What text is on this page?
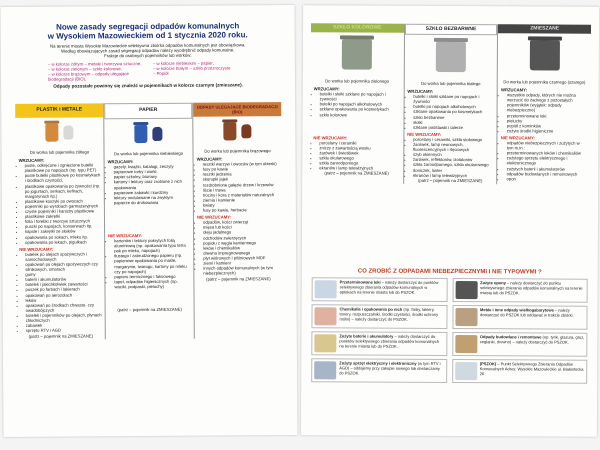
Nowe zasady segregacji odpadów komunalnych
w Wysokiem Mazowieckiem od 1 stycznia 2020 roku.
Na terenie miasta Wysokie Mazowieckie selektywna zbiórka odpadów komunalnych jest obowiązkowa.
Według obowiązujących zasad segregacji odpadów należy wyodrębnić odpady komunalne.
Frakcje do osobnych pojemników lub worków:
– w kolorze żółtym – metale i tworzywa sztuczne,	– w kolorze niebieskim – papier,
– w kolorze zielonym – szkło kolorowe,	– w kolorze białym – szkło przezroczyste
– w kolorze brązowym – odpady ulegające biodegradacji (BIO),
– Popiół
Odpady pozostałe powinny się znaleźć w pojemnikach w kolorze czarnym (zmieszane).
PLASTIK i METALE
Do worka lub pojemnika żółtego
WRZUCAMY:
• puste, odkręcone i zgniecione butelki plastikowe po napojach (np. typu PET)
• puste butelki plastikowe po kosmetykach i środkach czystości,
• plastikowe opakowania po żywności (np. po jogurtach, serkach, kefirach, margarynach itp.)
• plastikowe koszyki po owocach
• pojemniki po wyrobach garmażeryjnych
• czyste pojemniki i kanistry plastikowe
• plastikowe zakrętki
• folia i torebki z tworzyw sztucznych
• puszki po napojach, konserwach itp.
• kapsle i zakrętki ze słoików
• opakowania po sokach, mleku itp.
• opakowania po lekach, pigułkach
NIE WRZUCAMY:
• butelek po olejach spożywczych i samochodowych
• opakowań po olejach spożywczych czy silnikowych, smarach
• gumy
• baterii i akumulatorów
• butelek i jakichkolwiek zawartości
• puszek po farbach i lakierach
• opakowań po aerozolach
• leków
• opakowań po środkach chwasto- czy owadobójczych
• butelek i pojemników po olejach, płynach chłodniczych
• zabawek
• sprzętu RTV i AGD
(patrz – pojemnik na ZMIESZANE)
PAPIER
Do worka lub pojemnika niebieskiego
WRZUCAMY:
• gazety, książki, katalogi, zeszyty
• papierowe torby i worki
• papier szkolny, biurowy
• kartony i tektury oraz zrobione z nich opakowania
• papierowe zabawki i kordziny
• tektury ondulowane na zwykłym papierze do drukowania
NIE WRZUCAMY:
• kartonów i tektury pokrytych folią aluminiową (np. opakowania typu tetra pak po mleku, napojach)
• tłustego i zabrudzonego papieru (np. papierowe opakowania po maśle, margarynie, twarogu, kartony po mleku czy po napojach)
• papieru termicznego i faksowego
• tapet, odpadów higienicznych (np. waciki, podpaski, pieluchy)
(patrz – pojemnik na ZMIESZANE)
ODPADY ULEGAJĄCE BIODEGRADACJI (BIO)
Do worka lub pojemnika brązowego
WRZUCAMY:
• resztki warzyw i owoców (w tym obierki)
• fusy po kawie
• resztki jedzenia
• skorupki jajek
• rozdrobnione gałęzie drzew i krzewów
• liście i trawa
• trociny i kora z materiałów naturalnych
• ziemia i kamienie
• kwiaty
• fusy po kawie, herbacie
NIE WRZUCAMY:
• odpadów, kości zwierząt
• mięsa lub kości
• oleju jadalnego
• odchodów zwierzęcych
• popiołu z węgla kamiennego
• leków i chemikaliów
• drewna impregnowanego
• płyt wiórowych i pilśniowych MDF
• ziemi i kamieni
• innych odpadów komunalnych (w tym niebezpiecznych)
(patrz – pojemnik na ZMIESZANE)
SZKŁO KOLOROWE
Do worka lub pojemnika zielonego
WRZUCAMY:
• butelki i słoiki szklane po napojach i żywności
• butelki po napojach alkoholowych
• szklane opakowania po kosmetykach
• szkło kolorowe
NIE WRZUCAMY:
• porcelany i ceramiki
• zniczy z zawartością wosku
• żarówek i świetlówek
• szkła okularowego
• szkła żaroodpornego
• ekranów i lamp telewizyjnych
(patrz – pojemnik na ZMIESZANE)
SZKŁO BEZBARWNE
Do worka lub pojemnika białego
WRZUCAMY:
• butelki i słoiki szklane po napojach i żywności
• butelki po napojach alkoholowych
• szklane opakowania po kosmetykach
• szkło bezbarwne
• słoiki
• szklane podstawki i talerze
NIE WRZUCAMY:
• porcelany i ceramiki, szkła stołowego
• żarówek, lamp neonowych, fluorescencyjnych i rtęciowych
• szyb okiennych
• żarówek, reflektorów, izolatorów
• szkła żaroodpornego, szkła okularowego
• doniczek, luster
• ekranów i lamp telewizyjnych
(patrz – pojemnik na ZMIESZANE)
ZMIESZANE
Do worka lub pojemnika czarnego (szarego)
WRZUCAMY:
• wszystkie odpady, których nie można wyrzucić do żadnego z pozostałych pojemników (wyjątek: odpady niebezpieczne)
• przeterminowane leki
• pieluchy
• popiół z kominków
• zużyte środki higieniczne
NIE WRZUCAMY:
• odpadów niebezpiecznych i zużytych w tym m.in.:
• przeterminowanych leków i chemikaliów
• zużytego sprzętu elektrycznego i elektronicznego
• zużytych baterii i akumulatorów
• odpadów budowlanych i remontowych
• opon
CO ZROBIĆ Z ODPADAMI NIEBEZPIECZNYMI I NIE TYPOWYMI ?
Przeterminowane leki – należy dostarczyć do punktów selektywnego zbierania odpadów komunalnych w aptekach na terenie miasta lub do PSZOK.
Chemikalia i opakowania po nich (np. farby, lakiery, tonery, rozpuszczalniki, środki czystości, środki ochrony roślin) – należy dostarczyć do PSZOK.
Zużyte baterie i akumulatory – należy dostarczyć do punktów selektywnego zbierania odpadów komunalnych na terenie miasta lub do PSZOK.
Zużyty sprzęt elektryczny i elektroniczny (w tym RTV i AGD) – oddajemy przy zakupie nowego lub dostarczamy do PSZOK.
Zużyte opony – należy dostarczyć do punktu selektywnego zbierania odpadów komunalnych na terenie miasta lub do PSZOK.
Meble i inne odpady wielkogabarytowe – należy dostarczyć do PSZOK lub oddawać w trakcie zbiórki.
Odpady budowlane i remontowe (np. tynk, glazura, gruz, ceglanki, drewno) – należy dostarczyć do PSZOK.
(PSZOK) – Punkt Selektywnego Zbierania Odpadów Komunalnych Adres: Wysokie Mazowieckie ul. Białostocka 26
